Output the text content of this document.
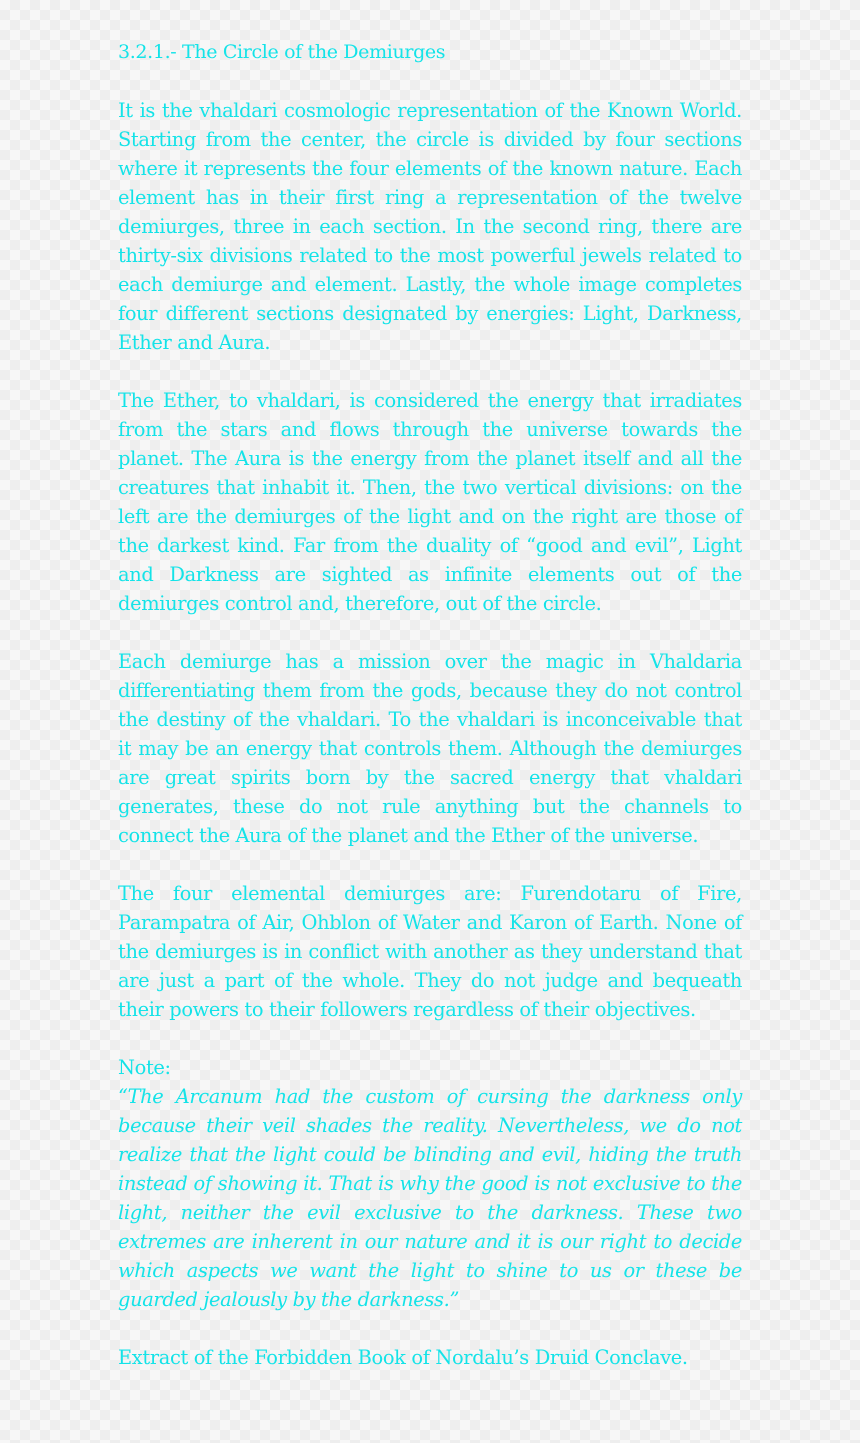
3.2.1.- The Circle of the Demiurges

It is the vhaldari cosmologic representation of the Known World. Starting from the center, the circle is divided by four sections where it represents the four elements of the known nature. Each element has in their first ring a representation of the twelve demiurges, three in each section. In the second ring, there are thirty-six divisions related to the most powerful jewels related to each demiurge and element. Lastly, the whole image completes four different sections designated by energies: Light, Darkness, Ether and Aura.

The Ether, to vhaldari, is considered the energy that irradiates from the stars and flows through the universe towards the planet. The Aura is the energy from the planet itself and all the creatures that inhabit it. Then, the two vertical divisions: on the left are the demiurges of the light and on the right are those of the darkest kind. Far from the duality of “good and evil”, Light and Darkness are sighted as infinite elements out of the demiurges control and, therefore, out of the circle.

Each demiurge has a mission over the magic in Vhaldaria differentiating them from the gods, because they do not control the destiny of the vhaldari. To the vhaldari is inconceivable that it may be an energy that controls them. Although the demiurges are great spirits born by the sacred energy that vhaldari generates, these do not rule anything but the channels to connect the Aura of the planet and the Ether of the universe.

The four elemental demiurges are: Furendotaru of Fire, Parampatra of Air, Ohblon of Water and Karon of Earth. None of the demiurges is in conflict with another as they understand that are just a part of the whole. They do not judge and bequeath their powers to their followers regardless of their objectives.

Note:

“The Arcanum had the custom of cursing the darkness only because their veil shades the reality. Nevertheless, we do not realize that the light could be blinding and evil, hiding the truth instead of showing it. That is why the good is not exclusive to the light, neither the evil exclusive to the darkness. These two extremes are inherent in our nature and it is our right to decide which aspects we want the light to shine to us or these be guarded jealously by the darkness.”

Extract of the Forbidden Book of Nordalu’s Druid Conclave.
